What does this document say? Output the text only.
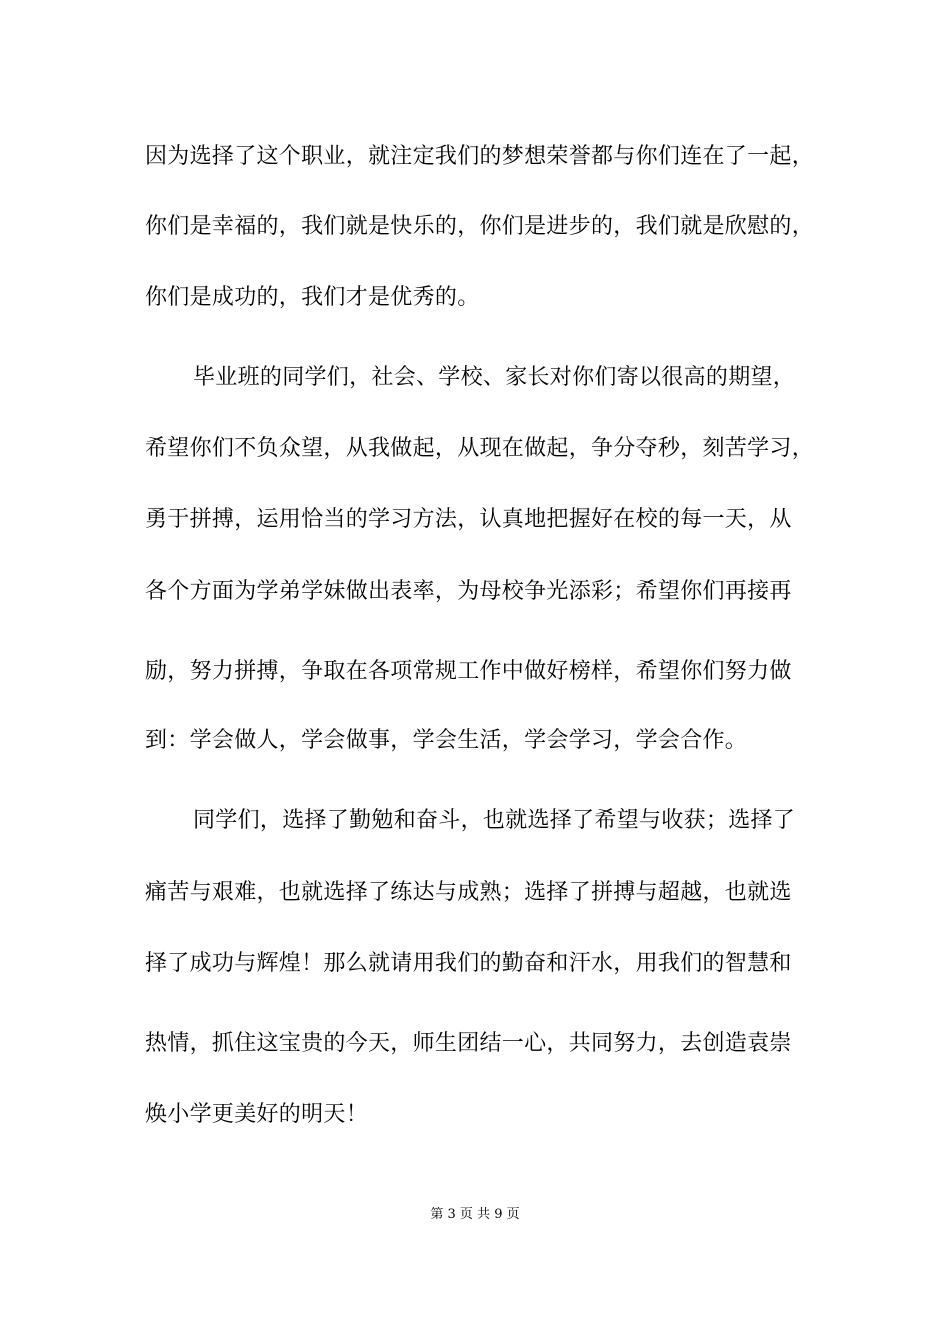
因为选择了这个职业，就注定我们的梦想荣誉都与你们连在了一起，
你们是幸福的，我们就是快乐的，你们是进步的，我们就是欣慰的，
你们是成功的，我们才是优秀的。
毕业班的同学们，社会、学校、家长对你们寄以很高的期望，
希望你们不负众望，从我做起，从现在做起，争分夺秒，刻苦学习，
勇于拼搏，运用恰当的学习方法，认真地把握好在校的每一天，从
各个方面为学弟学妹做出表率，为母校争光添彩；希望你们再接再
励，努力拼搏，争取在各项常规工作中做好榜样，希望你们努力做
到：学会做人，学会做事，学会生活，学会学习，学会合作。
同学们，选择了勤勉和奋斗，也就选择了希望与收获；选择了
痛苦与艰难，也就选择了练达与成熟；选择了拼搏与超越，也就选
择了成功与辉煌！那么就请用我们的勤奋和汗水，用我们的智慧和
热情，抓住这宝贵的今天，师生团结一心，共同努力，去创造袁崇
焕小学更美好的明天！
第 3 页 共 9 页
